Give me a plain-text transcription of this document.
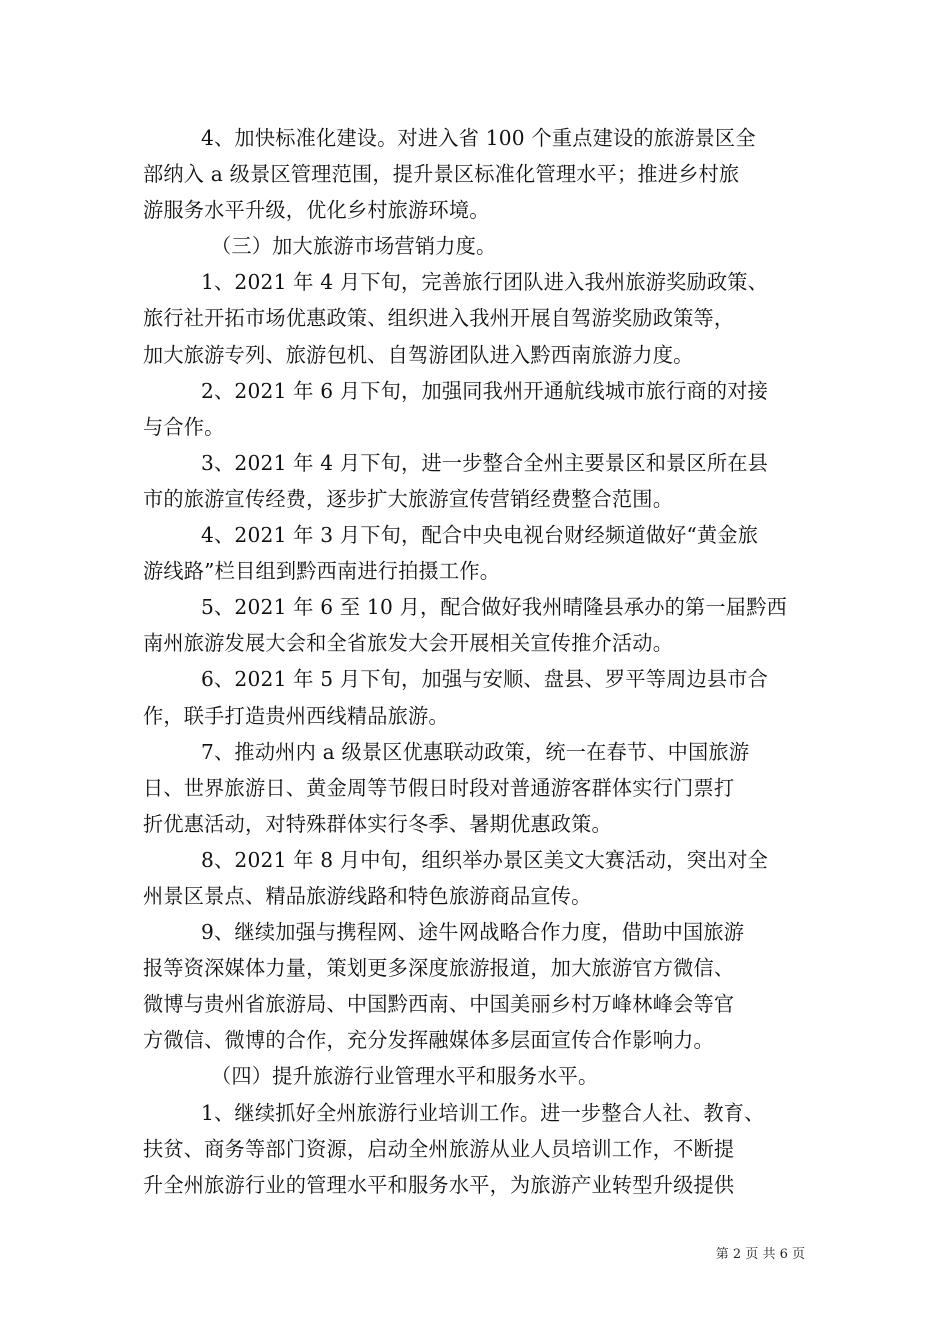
4、加快标准化建设。对进入省 100 个重点建设的旅游景区全
部纳入 a 级景区管理范围，提升景区标准化管理水平；推进乡村旅
游服务水平升级，优化乡村旅游环境。
（三）加大旅游市场营销力度。
1、2021 年 4 月下旬，完善旅行团队进入我州旅游奖励政策、
旅行社开拓市场优惠政策、组织进入我州开展自驾游奖励政策等，
加大旅游专列、旅游包机、自驾游团队进入黔西南旅游力度。
2、2021 年 6 月下旬，加强同我州开通航线城市旅行商的对接
与合作。
3、2021 年 4 月下旬，进一步整合全州主要景区和景区所在县
市的旅游宣传经费，逐步扩大旅游宣传营销经费整合范围。
4、2021 年 3 月下旬，配合中央电视台财经频道做好“黄金旅
游线路”栏目组到黔西南进行拍摄工作。
5、2021 年 6 至 10 月，配合做好我州晴隆县承办的第一届黔西
南州旅游发展大会和全省旅发大会开展相关宣传推介活动。
6、2021 年 5 月下旬，加强与安顺、盘县、罗平等周边县市合
作，联手打造贵州西线精品旅游。
7、推动州内 a 级景区优惠联动政策，统一在春节、中国旅游
日、世界旅游日、黄金周等节假日时段对普通游客群体实行门票打
折优惠活动，对特殊群体实行冬季、暑期优惠政策。
8、2021 年 8 月中旬，组织举办景区美文大赛活动，突出对全
州景区景点、精品旅游线路和特色旅游商品宣传。
9、继续加强与携程网、途牛网战略合作力度，借助中国旅游
报等资深媒体力量，策划更多深度旅游报道，加大旅游官方微信、
微博与贵州省旅游局、中国黔西南、中国美丽乡村万峰林峰会等官
方微信、微博的合作，充分发挥融媒体多层面宣传合作影响力。
（四）提升旅游行业管理水平和服务水平。
1、继续抓好全州旅游行业培训工作。进一步整合人社、教育、
扶贫、商务等部门资源，启动全州旅游从业人员培训工作，不断提
升全州旅游行业的管理水平和服务水平，为旅游产业转型升级提供
第 2 页 共 6 页
